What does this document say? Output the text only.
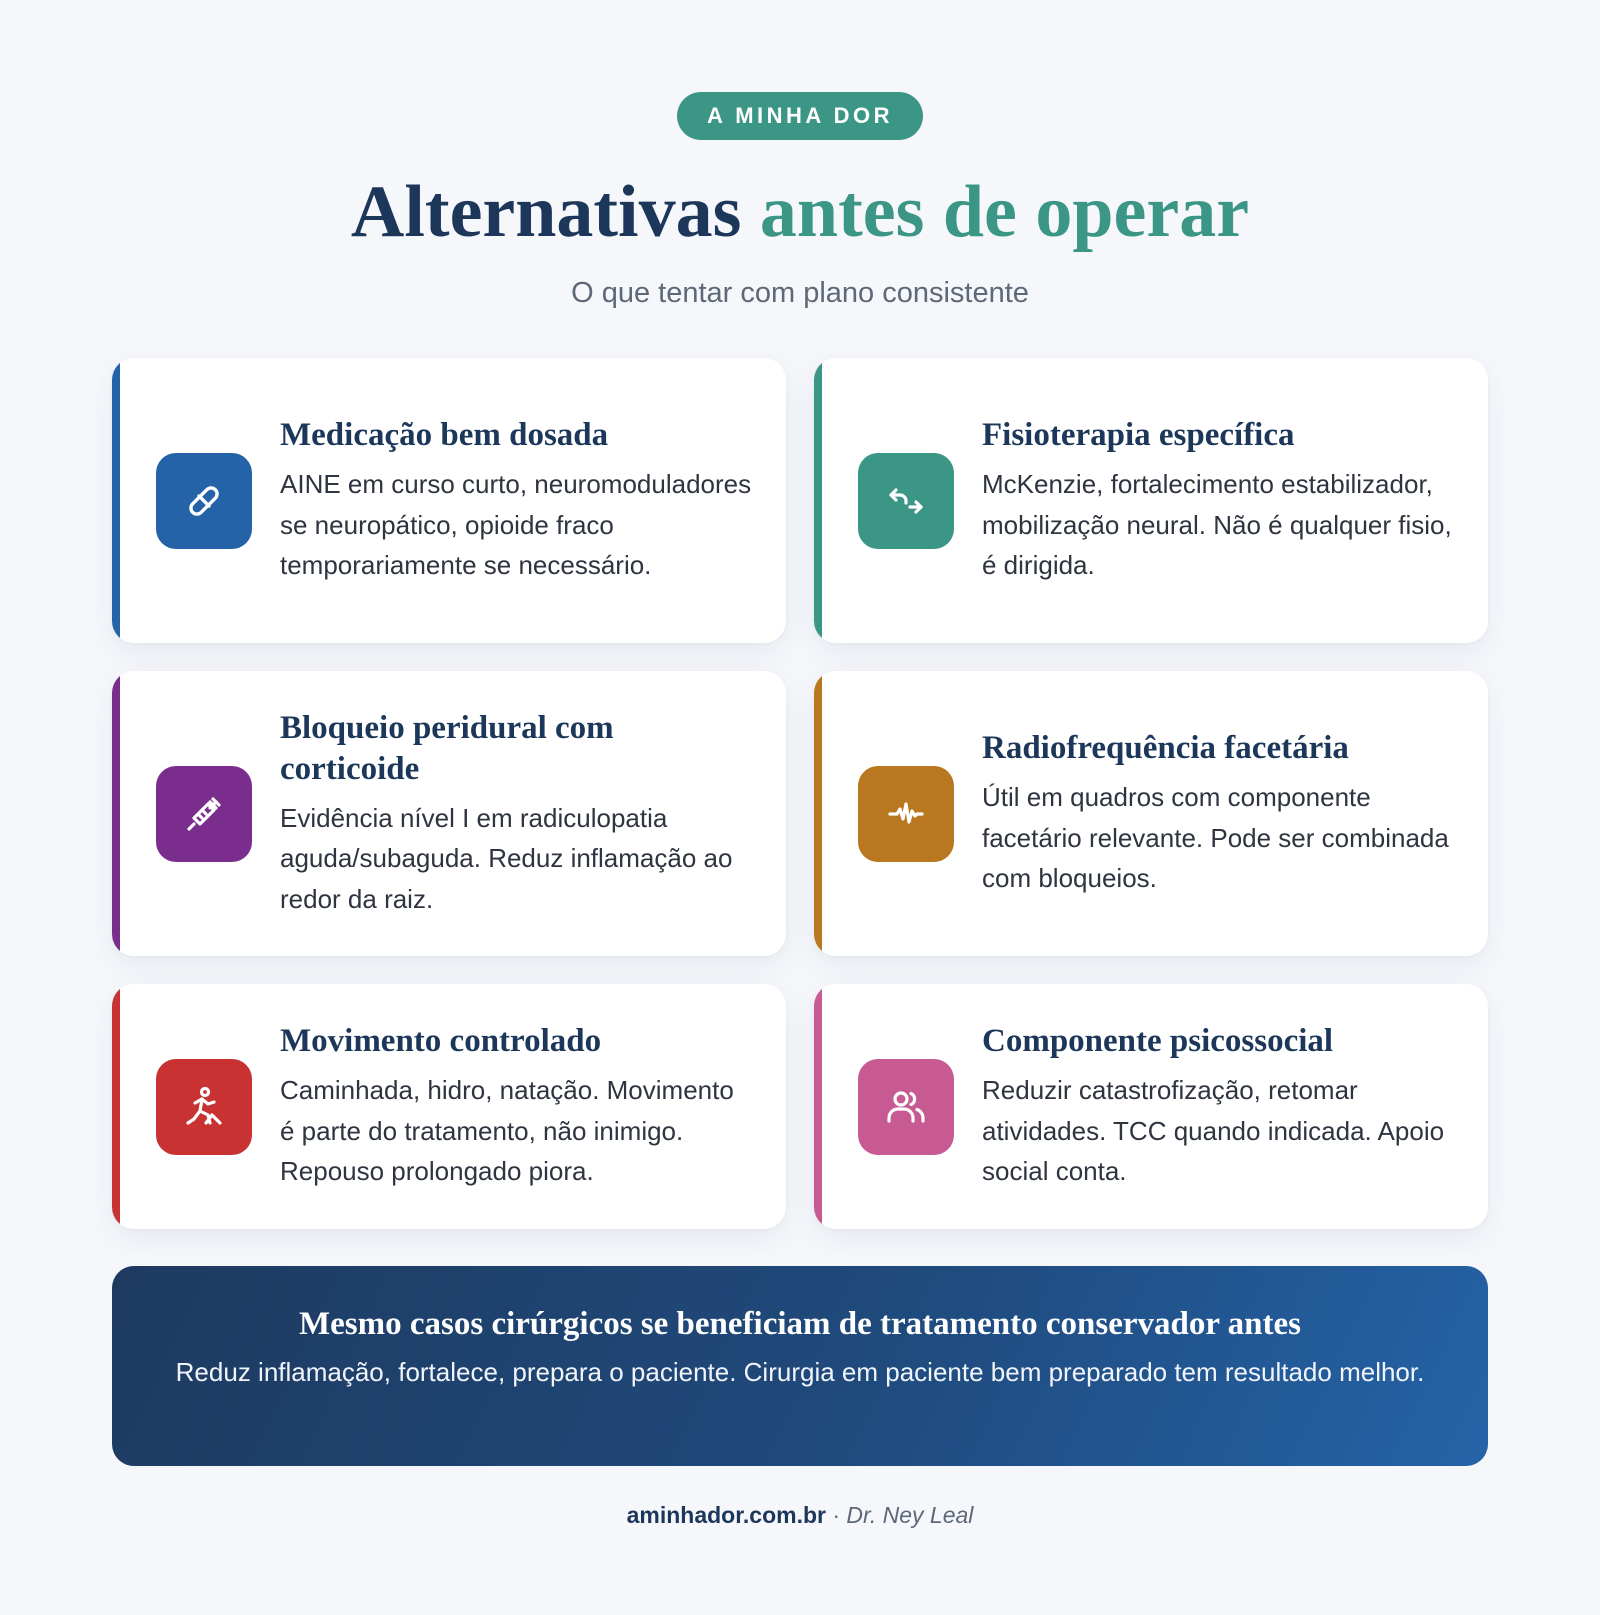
A MINHA DOR
Alternativas antes de operar

O que tentar com plano consistente

Medicação bem dosada
AINE em curso curto, neuromoduladores se neuropático, opioide fraco temporariamente se necessário.
Fisioterapia específica
McKenzie, fortalecimento estabilizador, mobilização neural. Não é qualquer fisio, é dirigida.
Bloqueio peridural com corticoide
Evidência nível I em radiculopatia aguda/subaguda. Reduz inflamação ao redor da raiz.
Radiofrequência facetária
Útil em quadros com componente facetário relevante. Pode ser combinada com bloqueios.
Movimento controlado
Caminhada, hidro, natação. Movimento é parte do tratamento, não inimigo. Repouso prolongado piora.
Componente psicossocial
Reduzir catastrofização, retomar atividades. TCC quando indicada. Apoio social conta.
Mesmo casos cirúrgicos se beneficiam de tratamento conservador antes
Reduz inflamação, fortalece, prepara o paciente. Cirurgia em paciente bem preparado tem resultado melhor.
aminhador.com.br · Dr. Ney Leal
